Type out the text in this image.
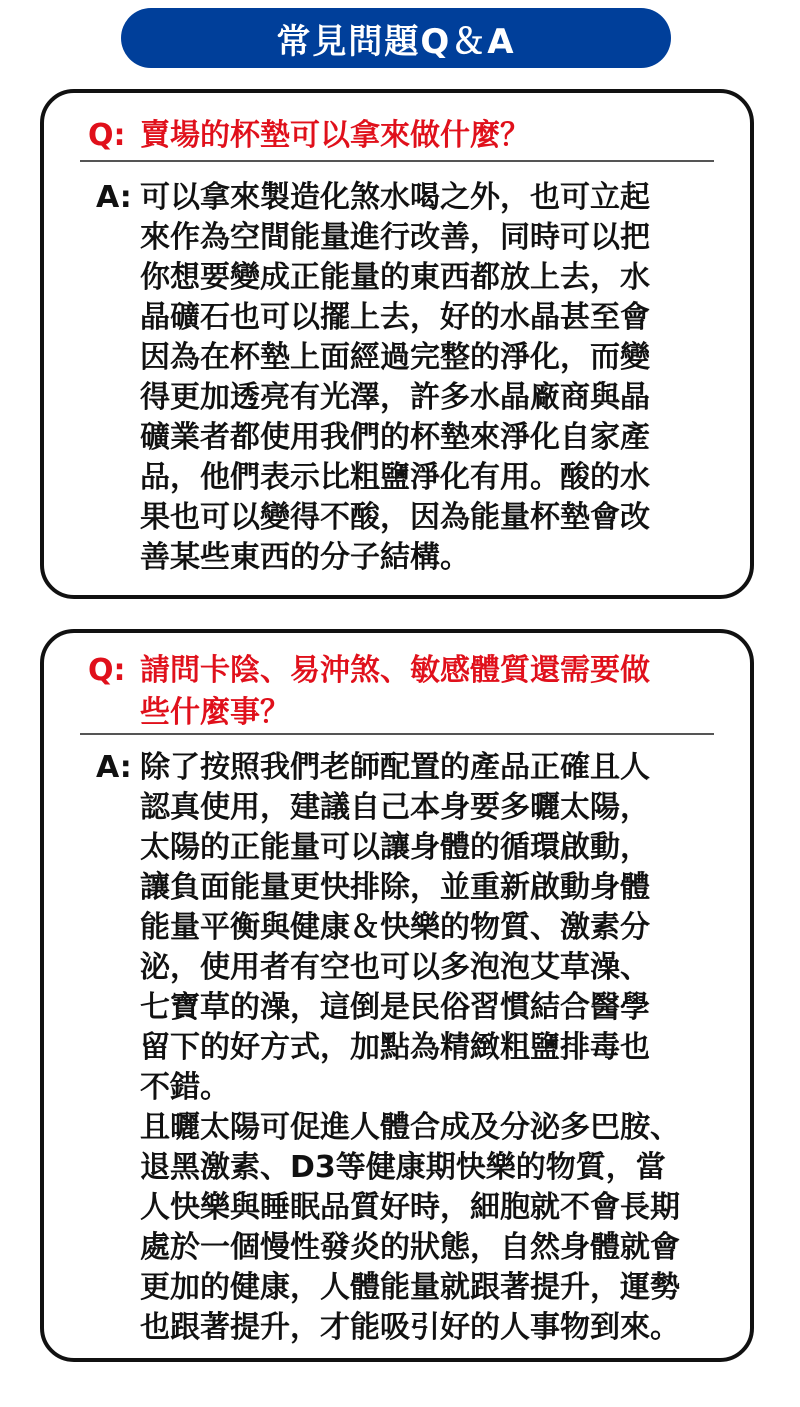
常見問題Q＆A
Q: 賣場的杯墊可以拿來做什麼？
A: 可以拿來製造化煞水喝之外，也可立起

來作為空間能量進行改善，同時可以把

你想要變成正能量的東西都放上去，水

晶礦石也可以擺上去，好的水晶甚至會

因為在杯墊上面經過完整的淨化，而變

得更加透亮有光澤，許多水晶廠商與晶

礦業者都使用我們的杯墊來淨化自家產

品，他們表示比粗鹽淨化有用。酸的水

果也可以變得不酸，因為能量杯墊會改

善某些東西的分子結構。

Q: 請問卡陰、易沖煞、敏感體質還需要做
些什麼事？
A: 除了按照我們老師配置的產品正確且人

認真使用，建議自己本身要多曬太陽，

太陽的正能量可以讓身體的循環啟動，

讓負面能量更快排除，並重新啟動身體

能量平衡與健康＆快樂的物質、激素分

泌，使用者有空也可以多泡泡艾草澡、

七寶草的澡，這倒是民俗習慣結合醫學

留下的好方式，加點為精緻粗鹽排毒也

不錯。

且曬太陽可促進人體合成及分泌多巴胺、

退黑激素、D3等健康期快樂的物質，當

人快樂與睡眠品質好時，細胞就不會長期

處於一個慢性發炎的狀態，自然身體就會

更加的健康，人體能量就跟著提升，運勢

也跟著提升，才能吸引好的人事物到來。
